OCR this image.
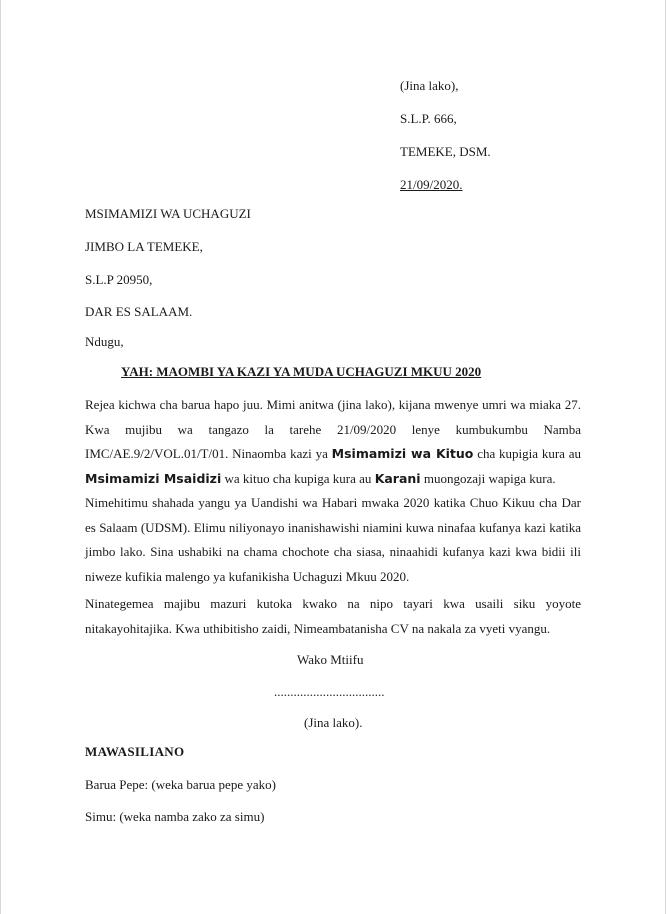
(Jina lako),
S.L.P. 666,
TEMEKE, DSM.
21/09/2020.
MSIMAMIZI WA UCHAGUZI
JIMBO LA TEMEKE,
S.L.P 20950,
DAR ES SALAAM.
Ndugu,
YAH: MAOMBI YA KAZI YA MUDA UCHAGUZI MKUU 2020
Rejea kichwa cha barua hapo juu. Mimi anitwa (jina lako), kijana mwenye umri wa miaka 27. Kwa mujibu wa tangazo la tarehe 21/09/2020 lenye kumbukumbu Namba IMC/AE.9/2/VOL.01/T/01. Ninaomba kazi ya Msimamizi wa Kituo cha kupigia kura au Msimamizi Msaidizi wa kituo cha kupiga kura au Karani muongozaji wapiga kura.
Nimehitimu shahada yangu ya Uandishi wa Habari mwaka 2020 katika Chuo Kikuu cha Dar es Salaam (UDSM). Elimu niliyonayo inanishawishi niamini kuwa ninafaa kufanya kazi katika jimbo lako. Sina ushabiki na chama chochote cha siasa, ninaahidi kufanya kazi kwa bidii ili niweze kufikia malengo ya kufanikisha Uchaguzi Mkuu 2020.
Ninategemea majibu mazuri kutoka kwako na nipo tayari kwa usaili siku yoyote nitakayohitajika. Kwa uthibitisho zaidi, Nimeambatanisha CV na nakala za vyeti vyangu.
Wako Mtiifu
..................................
(Jina lako).
MAWASILIANO
Barua Pepe: (weka barua pepe yako)
Simu: (weka namba zako za simu)
